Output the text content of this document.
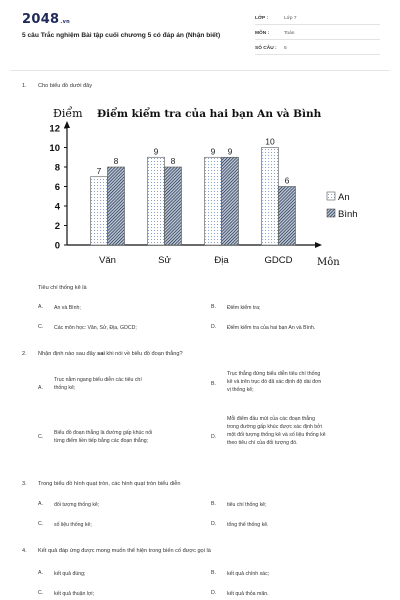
2048.vn
5 câu Trắc nghiệm Bài tập cuối chương 5 có đáp án (Nhận biết)
LỚP :	Lớp 7
MÔN :	Toán
SỐ CÂU : 5
1. Cho biểu đồ dưới đây
Điểm Điểm kiểm tra của hai bạn An và Bình
Môn
0
2
4
6
8
10
12
7
8
Văn
9
8
Sử
9 9
Địa
10
6
GDCD
An
Bình
Tiêu chí thống kê là
A. An và Bình;	B. Điểm kiểm tra;
C. Các môn học: Văn, Sử, Địa, GDCD;	D. Điểm kiểm tra của hai bạn An và Bình.
2. Nhận định nào sau đây sai khi nói về biểu đồ đoạn thẳng?
A.
Trục nằm ngang biểu diễn các tiêu chí
thống kê;
B.
Trục thẳng đứng biểu diễn tiêu chí thống
kê và trên trục đó đã xác định độ dài đơn
vị thống kê;
C.
Biểu đồ đoạn thẳng là đường gấp khúc nối
từng điểm liền tiếp bằng các đoạn thẳng;
D.
Mỗi điểm đầu mút của các đoạn thẳng
trong đường gấp khúc được xác định bởi
một đối tượng thống kê và số liệu thống kê
theo tiêu chí của đối tượng đó.
3. Trong biểu đồ hình quạt tròn, các hình quạt tròn biểu diễn
A. đối tượng thống kê;	B. tiêu chí thống kê;
C. số liệu thống kê;	D. tổng thể thống kê.
4. Kết quả đáp ứng được mong muốn thể hiện trong biến cố được gọi là
A. kết quả đúng;	B. kết quả chính xác;
C. kết quả thuận lợi;	D. kết quả thỏa mãn.
